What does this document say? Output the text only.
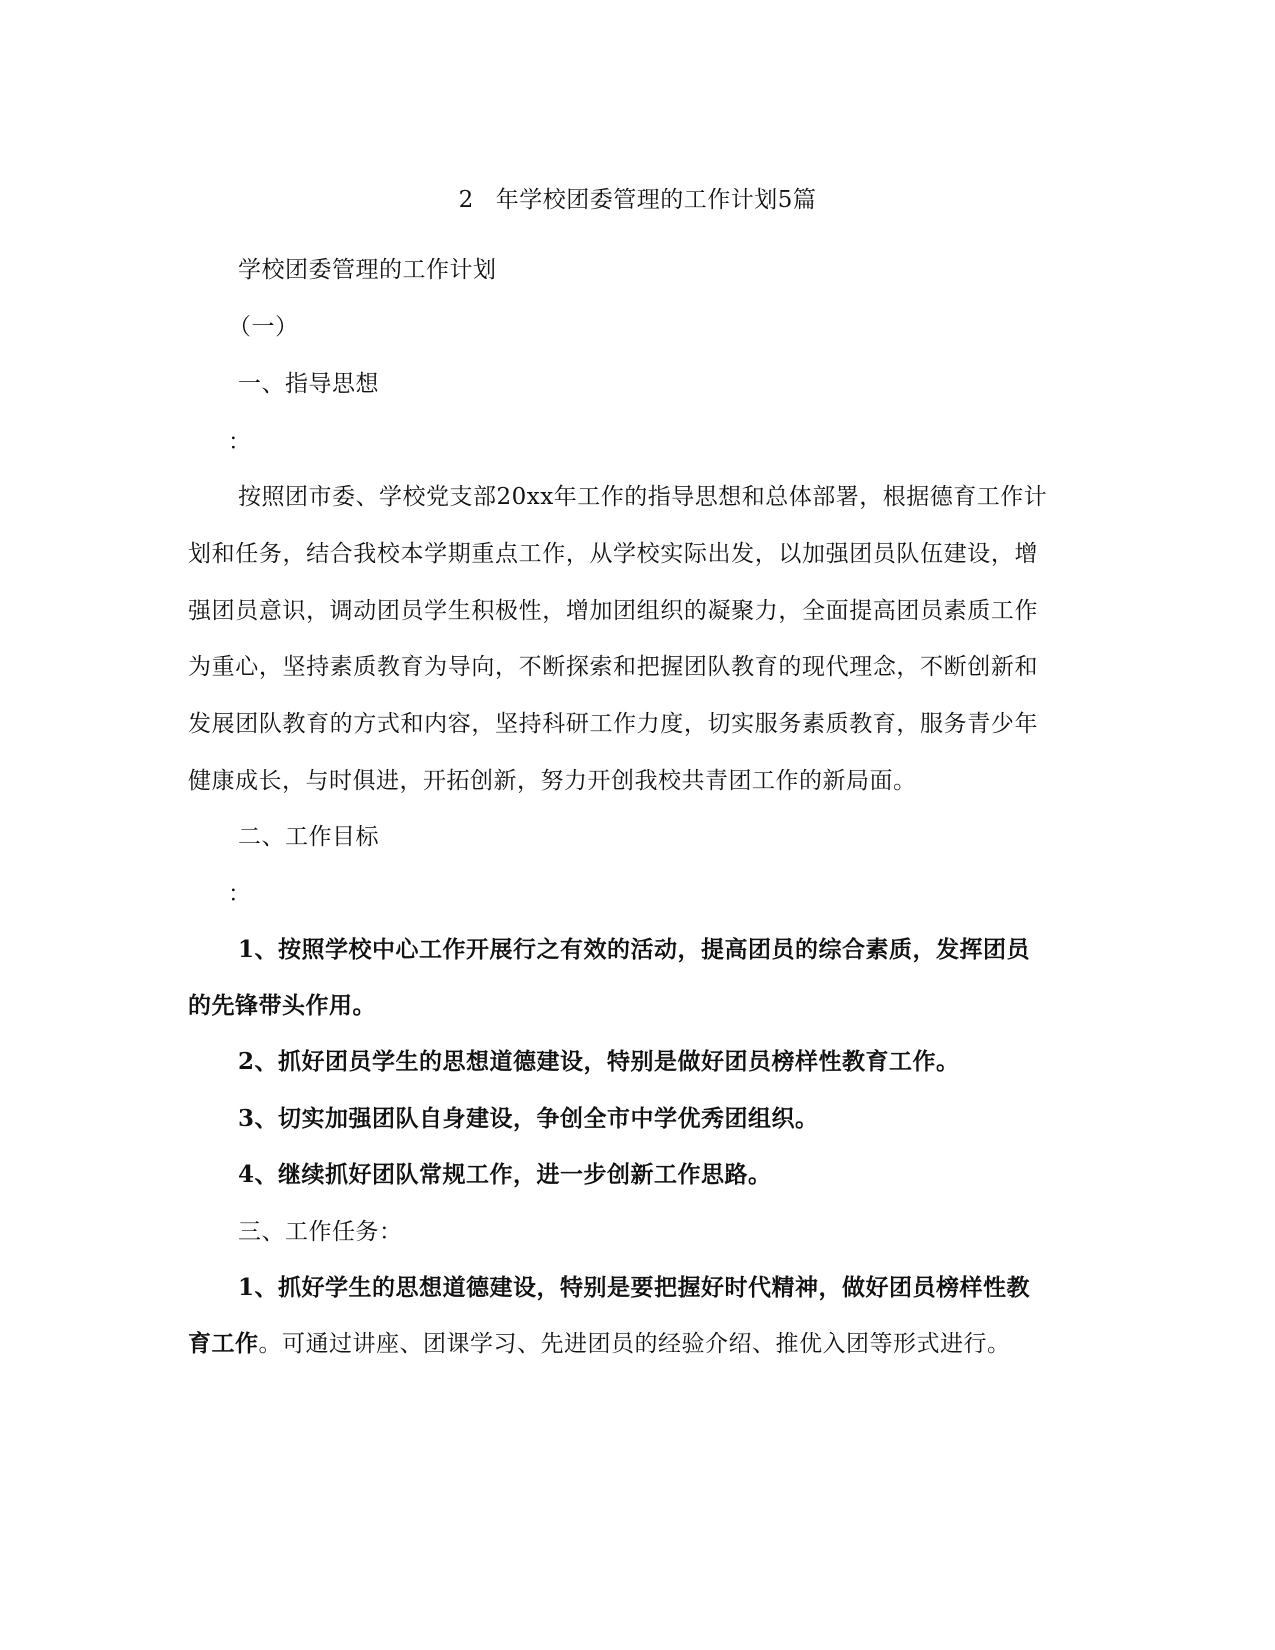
2 年学校团委管理的工作计划5篇
学校团委管理的工作计划
（一）
一、指导思想
：
按照团市委、学校党支部20xx年工作的指导思想和总体部署，根据德育工作计
划和任务，结合我校本学期重点工作，从学校实际出发，以加强团员队伍建设，增
强团员意识，调动团员学生积极性，增加团组织的凝聚力，全面提高团员素质工作
为重心，坚持素质教育为导向，不断探索和把握团队教育的现代理念，不断创新和
发展团队教育的方式和内容，坚持科研工作力度，切实服务素质教育，服务青少年
健康成长，与时俱进，开拓创新，努力开创我校共青团工作的新局面。
二、工作目标
：
1、按照学校中心工作开展行之有效的活动，提高团员的综合素质，发挥团员
的先锋带头作用。
2、抓好团员学生的思想道德建设，特别是做好团员榜样性教育工作。
3、切实加强团队自身建设，争创全市中学优秀团组织。
4、继续抓好团队常规工作，进一步创新工作思路。
三、工作任务：
1、抓好学生的思想道德建设，特别是要把握好时代精神，做好团员榜样性教
育工作。可通过讲座、团课学习、先进团员的经验介绍、推优入团等形式进行。
